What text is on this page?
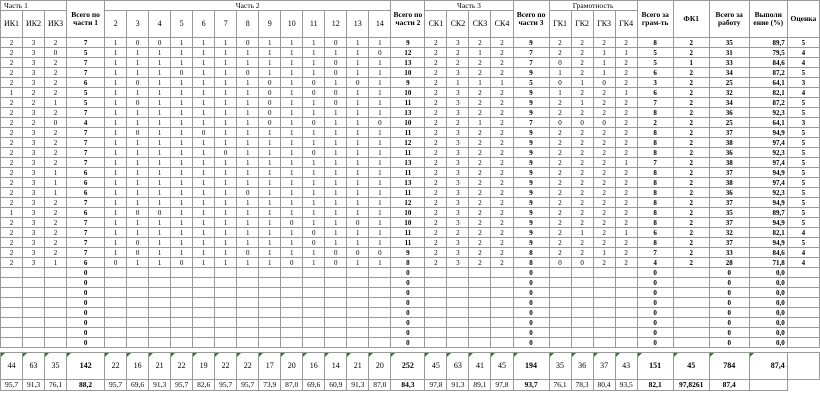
Часть 1			Всего по части 1	Часть 2													Всего по части 2	Часть 3				Всего по части 3	Грамотность				Всего за грам-ть	ФК1	Всего за работу	Выполн ение (%)	Оценка
ИК1	ИК2	ИКЗ		2	3	4	5	6	7	8	9	10	11	12	13	14		СК1	СК2	СКЗ	СК4		ГК1	ГК2	ГКЗ	ГК4					
2	3	2	7	1	0	0	1	1	1	0	1	1	1	0	1	1	9	2	3	2	2	9	2	2	2	2	8	2	35	89,7	5
2	3	0	5	1	1	1	1	1	1	1	1	1	1	1	1	0	12	2	2	1	2	7	2	2	1	1	5	2	31	79,5	4
2	3	2	7	1	1	1	1	1	1	1	1	1	1	0	1	1	13	2	2	2	2	7	0	2	1	2	5	1	33	84,6	4
2	3	2	7	1	1	1	0	1	1	0	1	1	1	0	1	1	10	2	3	2	2	9	1	2	1	2	6	2	34	87,2	5
2	3	2	6	1	0	1	1	1	1	1	0	1	0	1	0	1	9	2	1	1	1	5	0	1	0	2	3	2	25	64,1	3
1	2	2	5	1	1	1	1	1	1	1	0	1	0	0	1	1	10	2	3	2	2	9	1	2	2	1	6	2	32	82,1	4
2	2	1	5	1	0	1	1	1	1	1	0	1	1	0	1	1	11	2	3	2	2	9	2	1	2	2	7	2	34	87,2	5
2	3	2	7	1	1	1	1	1	1	1	0	1	1	1	1	1	13	2	3	2	2	9	2	2	2	2	8	2	36	92,3	5
2	2	0	4	1	1	1	1	1	1	1	0	1	0	1	1	0	10	2	2	1	2	7	0	0	0	2	2	2	25	64,1	3
2	3	2	7	1	0	1	1	0	1	1	1	1	1	1	1	1	11	2	3	2	2	9	2	2	2	2	8	2	37	94,9	5
2	3	2	7	1	1	1	1	1	1	1	1	1	1	1	1	1	12	2	3	2	2	9	2	2	2	2	8	2	38	97,4	5
2	3	2	7	1	1	1	1	1	0	1	1	1	0	1	1	1	11	2	3	2	2	9	2	2	2	2	8	2	36	92,3	5
2	3	2	7	1	1	1	1	1	1	1	1	1	1	1	1	1	13	2	3	2	2	9	2	2	2	1	7	2	38	97,4	5
2	3	1	6	1	1	1	1	1	1	1	1	1	1	1	1	1	11	2	3	2	2	9	2	2	2	2	8	2	37	94,9	5
2	3	1	6	1	1	1	1	1	1	1	1	1	1	1	1	1	13	2	3	2	2	9	2	2	2	2	8	2	38	97,4	5
2	3	1	6	1	1	1	1	1	1	0	1	1	1	1	1	1	11	2	3	2	2	9	2	2	2	2	8	2	36	92,3	5
2	3	2	7	1	1	1	1	1	1	1	1	1	1	1	1	1	12	2	3	2	2	9	2	2	2	2	8	2	37	94,9	5
1	3	2	6	1	0	0	1	1	1	1	1	1	1	1	1	1	10	2	3	2	2	9	2	2	2	2	8	2	35	89,7	5
2	3	2	7	1	1	1	1	1	1	1	1	0	1	1	0	1	10	2	3	2	2	9	2	2	2	2	8	2	37	94,9	5
2	3	2	7	1	1	1	1	1	1	1	1	1	0	1	1	1	11	2	2	2	2	9	2	1	2	1	6	2	32	82,1	4
2	3	2	7	1	0	1	1	1	1	1	1	1	0	1	1	1	11	2	3	2	2	9	2	2	2	2	8	2	37	94,9	5
2	3	2	7	1	0	1	1	1	1	0	1	1	1	0	0	0	9	2	3	2	2	8	2	2	1	2	7	2	33	84,6	4
2	3	1	6	0	1	1	0	1	1	1	1	0	1	0	1	1	8	2	3	2	2	8	0	0	2	2	4	2	28	71,8	4
			0														0					0					0		0	0,0	
			0														0					0					0		0	0,0	
			0														0					0					0		0	0,0	
			0														0					0					0		0	0,0	
			0														0					0					0		0	0,0	
			0														0					0					0		0	0,0	
			0														0					0					0		0	0,0	
			0														0					0					0		0	0,0	

44	63	35	142	22	16	21	22	19	22	22	17	20	16	14	21	20	252	45	63	41	45	194	35	36	37	43	151	45	784	87,4	
95,7	91,3	76,1	88,2	95,7	69,6	91,3	95,7	82,6	95,7	95,7	73,9	87,0	69,6	60,9	91,3	87,0	84,3	97,8	91,3	89,1	97,8	93,7	76,1	78,3	80,4	93,5	82,1	97,8261	87,4		
